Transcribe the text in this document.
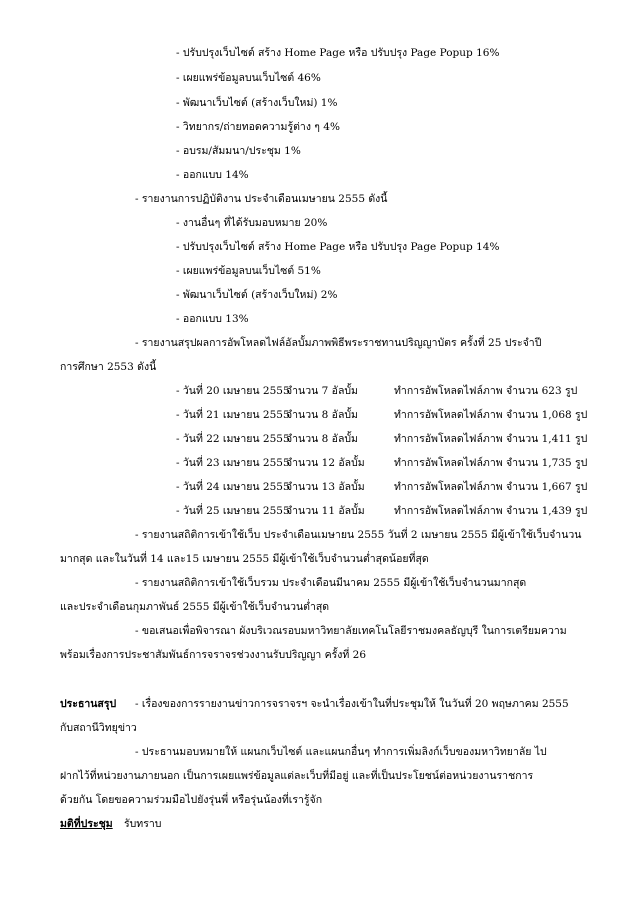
- ปรับปรุงเว็บไซต์ สร้าง Home Page หรือ ปรับปรุง Page Popup 16%
- เผยแพร่ข้อมูลบนเว็บไซต์ 46%
- พัฒนาเว็บไซต์ (สร้างเว็บใหม่) 1%
- วิทยากร/ถ่ายทอดความรู้ต่าง ๆ 4%
- อบรม/สัมมนา/ประชุม 1%
- ออกแบบ 14%
- รายงานการปฏิบัติงาน ประจำเดือนเมษายน 2555 ดังนี้
- งานอื่นๆ ที่ได้รับมอบหมาย 20%
- ปรับปรุงเว็บไซต์ สร้าง Home Page หรือ ปรับปรุง Page Popup 14%
- เผยแพร่ข้อมูลบนเว็บไซต์ 51%
- พัฒนาเว็บไซต์ (สร้างเว็บใหม่) 2%
- ออกแบบ 13%
- รายงานสรุปผลการอัพโหลดไฟล์อัลบั้มภาพพิธีพระราชทานปริญญาบัตร ครั้งที่ 25 ประจำปี
การศึกษา 2553 ดังนี้
- วันที่ 20 เมษายน 2555จำนวน 7 อัลบั้ม	ทำการอัพโหลดไฟล์ภาพ จำนวน 623 รูป
- วันที่ 21 เมษายน 2555จำนวน 8 อัลบั้ม	ทำการอัพโหลดไฟล์ภาพ จำนวน 1,068 รูป
- วันที่ 22 เมษายน 2555จำนวน 8 อัลบั้ม	ทำการอัพโหลดไฟล์ภาพ จำนวน 1,411 รูป
- วันที่ 23 เมษายน 2555จำนวน 12 อัลบั้ม	ทำการอัพโหลดไฟล์ภาพ จำนวน 1,735 รูป
- วันที่ 24 เมษายน 2555จำนวน 13 อัลบั้ม	ทำการอัพโหลดไฟล์ภาพ จำนวน 1,667 รูป
- วันที่ 25 เมษายน 2555จำนวน 11 อัลบั้ม	ทำการอัพโหลดไฟล์ภาพ จำนวน 1,439 รูป
- รายงานสถิติการเข้าใช้เว็บ ประจำเดือนเมษายน 2555 วันที่ 2 เมษายน 2555 มีผู้เข้าใช้เว็บจำนวน
มากสุด และในวันที่ 14 และ15 เมษายน 2555 มีผู้เข้าใช้เว็บจำนวนต่ำสุดน้อยที่สุด
- รายงานสถิติการเข้าใช้เว็บรวม ประจำเดือนมีนาคม 2555 มีผู้เข้าใช้เว็บจำนวนมากสุด
และประจำเดือนกุมภาพันธ์ 2555 มีผู้เข้าใช้เว็บจำนวนต่ำสุด
- ขอเสนอเพื่อพิจารณา ผังบริเวณรอบมหาวิทยาลัยเทคโนโลยีราชมงคลธัญบุรี ในการเตรียมความ
พร้อมเรื่องการประชาสัมพันธ์การจราจรช่วงงานรับปริญญา ครั้งที่ 26
ประธานสรุป - เรื่องของการรายงานข่าวการจราจรฯ จะนำเรื่องเข้าในที่ประชุมให้ ในวันที่ 20 พฤษภาคม 2555
กับสถานีวิทยุข่าว
- ประธานมอบหมายให้ แผนกเว็บไซต์ และแผนกอื่นๆ ทำการเพิ่มลิงก์เว็บของมหาวิทยาลัย ไป
ฝากไว้ที่หน่วยงานภายนอก เป็นการเผยแพร่ข้อมูลแต่ละเว็บที่มีอยู่ และที่เป็นประโยชน์ต่อหน่วยงานราชการ
ด้วยกัน โดยขอความร่วมมือไปยังรุ่นพี่ หรือรุ่นน้องที่เรารู้จัก
มติที่ประชุม รับทราบ
